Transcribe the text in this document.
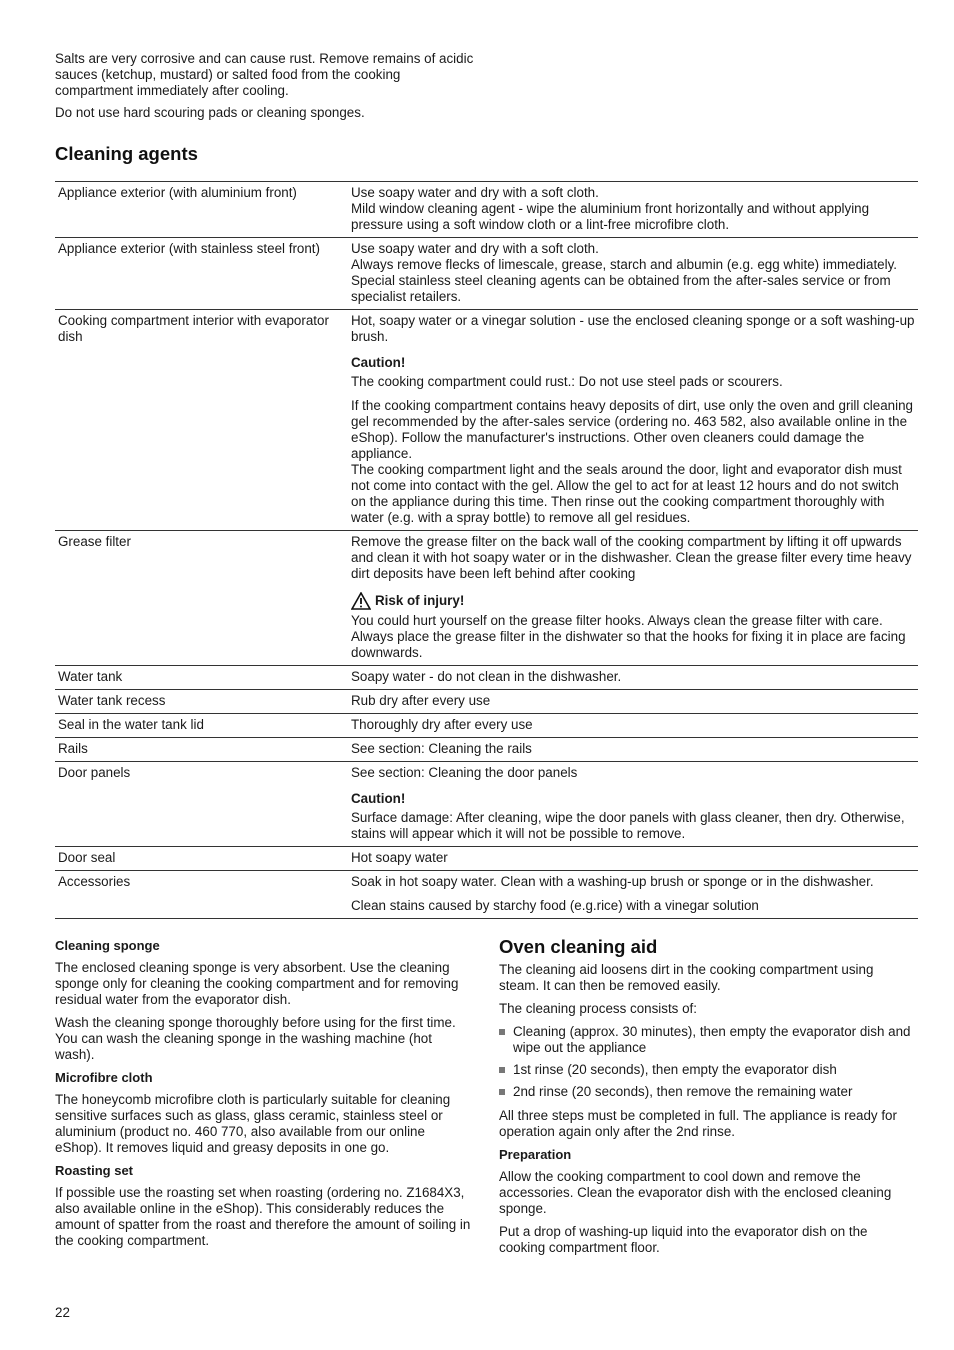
Salts are very corrosive and can cause rust. Remove remains of acidic sauces (ketchup, mustard) or salted food from the cooking compartment immediately after cooling.

Do not use hard scouring pads or cleaning sponges.

Cleaning agents
Appliance exterior (with aluminium front)	Use soapy water and dry with a soft cloth.
Mild window cleaning agent - wipe the aluminium front horizontally and without applying pressure using a soft window cloth or a lint-free microfibre cloth.

Appliance exterior (with stainless steel front)	Use soapy water and dry with a soft cloth.
Always remove flecks of limescale, grease, starch and albumin (e.g. egg white) immediately. Special stainless steel cleaning agents can be obtained from the after-sales service or from specialist retailers.

Cooking compartment interior with evaporator dish	Hot, soapy water or a vinegar solution - use the enclosed cleaning sponge or a soft washing-up brush.
Caution!
The cooking compartment could rust.: Do not use steel pads or scourers.
If the cooking compartment contains heavy deposits of dirt, use only the oven and grill cleaning gel recommended by the after-sales service (ordering no. 463 582, also available online in the eShop). Follow the manufacturer's instructions. Other oven cleaners could damage the appliance.
The cooking compartment light and the seals around the door, light and evaporator dish must not come into contact with the gel. Allow the gel to act for at least 12 hours and do not switch on the appliance during this time. Then rinse out the cooking compartment thoroughly with water (e.g. with a spray bottle) to remove all gel residues.

Grease filter	Remove the grease filter on the back wall of the cooking compartment by lifting it off upwards and clean it with hot soapy water or in the dishwasher. Clean the grease filter every time heavy dirt deposits have been left behind after cooking
Risk of injury!
You could hurt yourself on the grease filter hooks. Always clean the grease filter with care. Always place the grease filter in the dishwater so that the hooks for fixing it in place are facing downwards.

Water tank	Soapy water - do not clean in the dishwasher.

Water tank recess	Rub dry after every use

Seal in the water tank lid	Thoroughly dry after every use

Rails	See section: Cleaning the rails

Door panels	See section: Cleaning the door panels
Caution!
Surface damage: After cleaning, wipe the door panels with glass cleaner, then dry. Otherwise, stains will appear which it will not be possible to remove.

Door seal	Hot soapy water

Accessories	Soak in hot soapy water. Clean with a washing-up brush or sponge or in the dishwasher.
Clean stains caused by starchy food (e.g.rice) with a vinegar solution
Cleaning sponge

The enclosed cleaning sponge is very absorbent. Use the cleaning sponge only for cleaning the cooking compartment and for removing residual water from the evaporator dish.

Wash the cleaning sponge thoroughly before using for the first time. You can wash the cleaning sponge in the washing machine (hot wash).

Microfibre cloth

The honeycomb microfibre cloth is particularly suitable for cleaning sensitive surfaces such as glass, glass ceramic, stainless steel or aluminium (product no. 460 770, also available from our online eShop). It removes liquid and greasy deposits in one go.

Roasting set

If possible use the roasting set when roasting (ordering no. Z1684X3, also available online in the eShop). This considerably reduces the amount of spatter from the roast and therefore the amount of soiling in the cooking compartment.

Oven cleaning aid

The cleaning aid loosens dirt in the cooking compartment using steam. It can then be removed easily.

The cleaning process consists of:

Cleaning (approx. 30 minutes), then empty the evaporator dish and wipe out the appliance
1st rinse (20 seconds), then empty the evaporator dish
2nd rinse (20 seconds), then remove the remaining water

All three steps must be completed in full. The appliance is ready for operation again only after the 2nd rinse.

Preparation

Allow the cooking compartment to cool down and remove the accessories. Clean the evaporator dish with the enclosed cleaning sponge.

Put a drop of washing-up liquid into the evaporator dish on the cooking compartment floor.

22
